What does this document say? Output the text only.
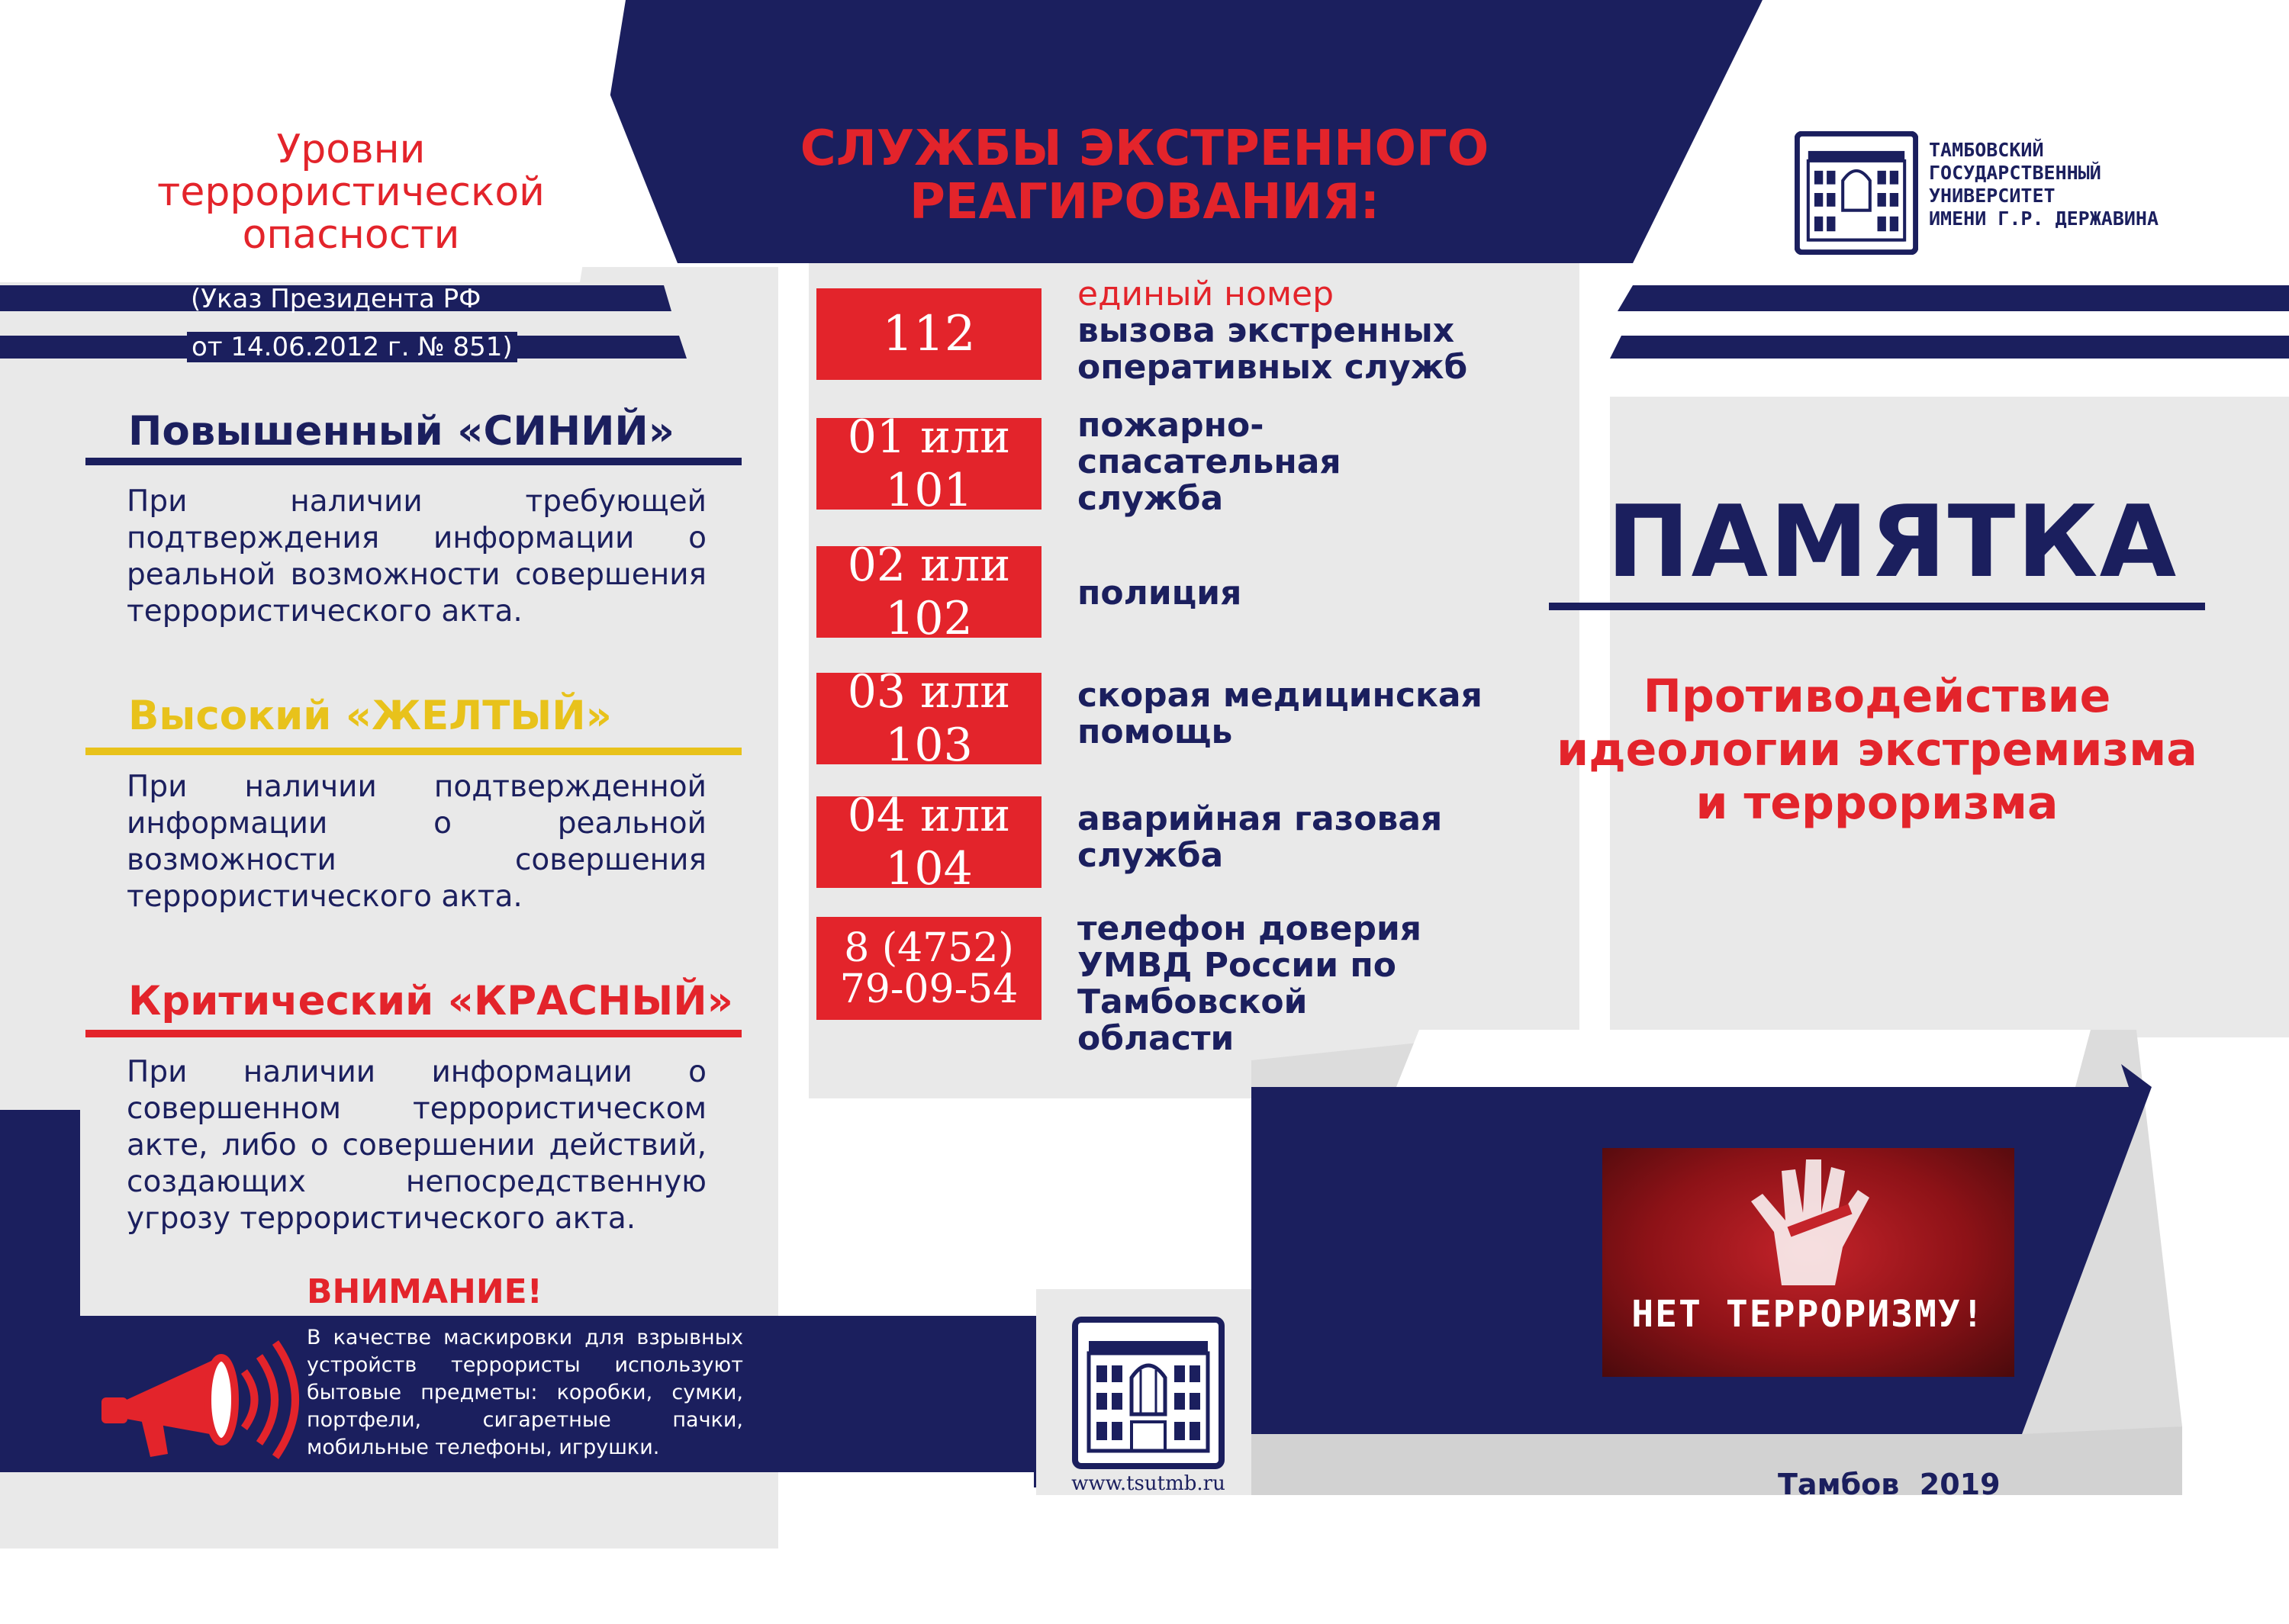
Уровни
террористической
опасности
(Указ Президента РФ
от 14.06.2012 г. № 851)
Повышенный «СИНИЙ»
При наличии требующей подтверждения информации о реальной возможности совершения террористического акта.
Высокий «ЖЕЛТЫЙ»
При наличии подтвержденной информации о реальной возможности совершения террористического акта.
Критический «КРАСНЫЙ»
При наличии информации о совершенном террористическом акте, либо о совершении действий, создающих непосредственную угрозу террористического акта.
ВНИМАНИЕ!
В качестве маскировки для взрывных устройств террористы используют бытовые предметы: коробки, сумки, портфели, сигаретные пачки, мобильные телефоны, игрушки.
СЛУЖБЫ ЭКСТРЕННОГО
РЕАГИРОВАНИЯ:
112
единый номер
вызова экстренных оперативных служб
01 или 101
пожарно-спасательная служба
02 или 102	полиция
03 или 103
скорая медицинская помощь
04 или 104
аварийная газовая служба
8 (4752)
79-09-54
телефон доверия УМВД России по Тамбовской области
www.tsutmb.ru
ТАМБОВСКИЙ
ГОСУДАРСТВЕННЫЙ
УНИВЕРСИТЕТ
ИМЕНИ Г.Р. ДЕРЖАВИНА
ПАМЯТКА
Противодействие
идеологии экстремизма
и терроризма
НЕТ ТЕРРОРИЗМУ!
Тамбов  2019
